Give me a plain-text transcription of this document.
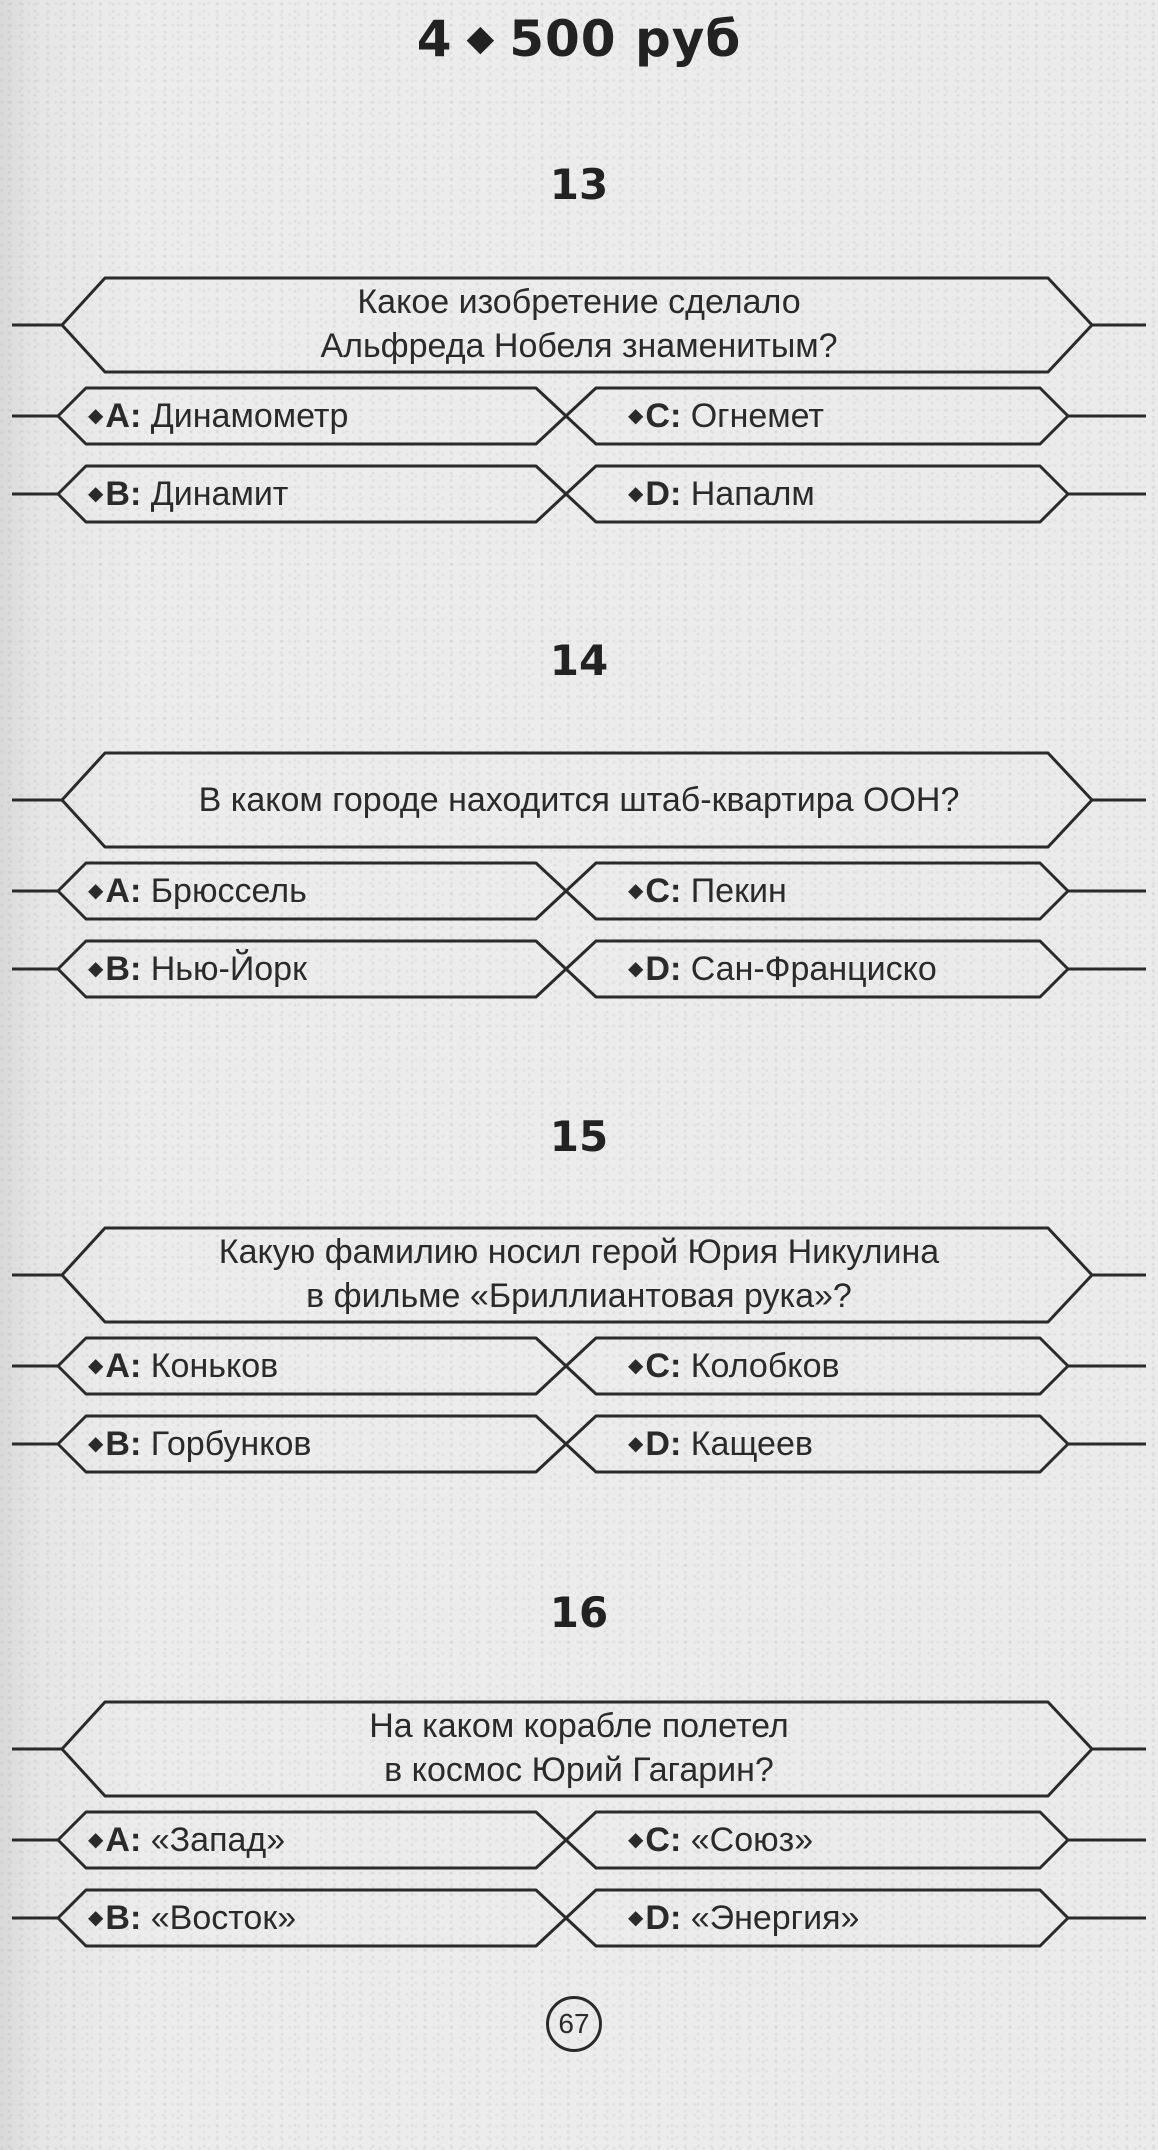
4 ◆ 500 руб
13
Какое изобретение сделало
Альфреда Нобеля знаменитым?
◆A: Динамометр	◆C: Огнемет
◆B: Динамит	◆D: Напалм
14
В каком городе находится штаб-квартира ООН?
◆A: Брюссель	◆C: Пекин
◆B: Нью-Йорк	◆D: Сан-Франциско
15
Какую фамилию носил герой Юрия Никулина
в фильме «Бриллиантовая рука»?
◆A: Коньков	◆C: Колобков
◆B: Горбунков	◆D: Кащеев
16
На каком корабле полетел
в космос Юрий Гагарин?
◆A: «Запад»	◆C: «Союз»
◆B: «Восток»	◆D: «Энергия»
67
